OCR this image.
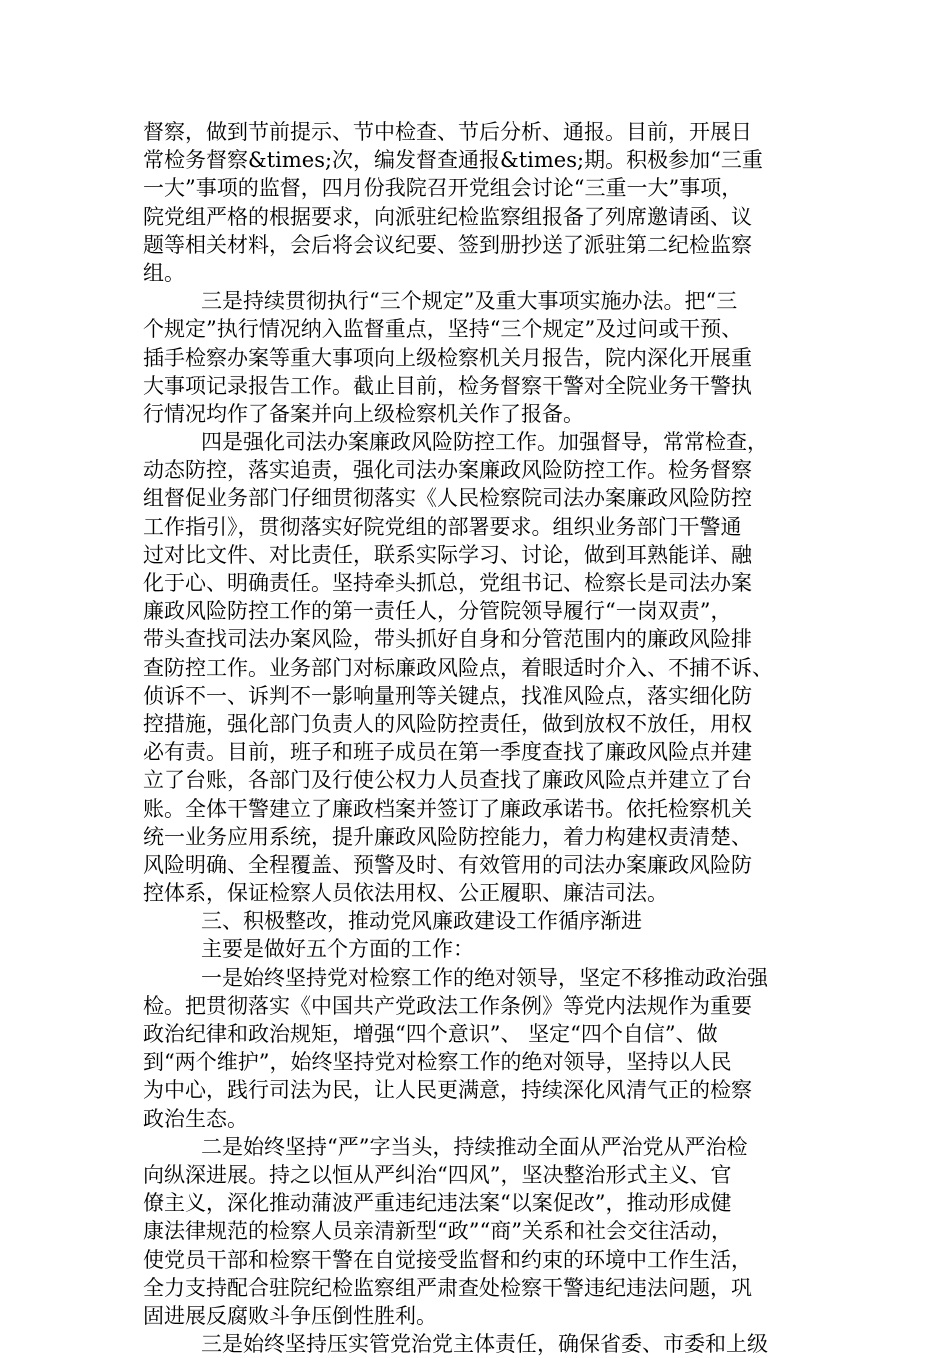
督察，做到节前提示、节中检查、节后分析、通报。目前，开展日
常检务督察&times;次，编发督查通报&times;期。积极参加“三重
一大”事项的监督，四月份我院召开党组会讨论“三重一大”事项，
院党组严格的根据要求，向派驻纪检监察组报备了列席邀请函、议
题等相关材料，会后将会议纪要、签到册抄送了派驻第二纪检监察
组。
三是持续贯彻执行“三个规定”及重大事项实施办法。把“三
个规定”执行情况纳入监督重点，坚持“三个规定”及过问或干预、
插手检察办案等重大事项向上级检察机关月报告，院内深化开展重
大事项记录报告工作。截止目前，检务督察干警对全院业务干警执
行情况均作了备案并向上级检察机关作了报备。
四是强化司法办案廉政风险防控工作。加强督导，常常检查，
动态防控，落实追责，强化司法办案廉政风险防控工作。检务督察
组督促业务部门仔细贯彻落实《人民检察院司法办案廉政风险防控
工作指引》，贯彻落实好院党组的部署要求。组织业务部门干警通
过对比文件、对比责任，联系实际学习、讨论，做到耳熟能详、融
化于心、明确责任。坚持牵头抓总，党组书记、检察长是司法办案
廉政风险防控工作的第一责任人，分管院领导履行“一岗双责”，
带头查找司法办案风险，带头抓好自身和分管范围内的廉政风险排
查防控工作。业务部门对标廉政风险点，着眼适时介入、不捕不诉、
侦诉不一、诉判不一影响量刑等关键点，找准风险点，落实细化防
控措施，强化部门负责人的风险防控责任，做到放权不放任，用权
必有责。目前，班子和班子成员在第一季度查找了廉政风险点并建
立了台账，各部门及行使公权力人员查找了廉政风险点并建立了台
账。全体干警建立了廉政档案并签订了廉政承诺书。依托检察机关
统一业务应用系统，提升廉政风险防控能力，着力构建权责清楚、
风险明确、全程覆盖、预警及时、有效管用的司法办案廉政风险防
控体系，保证检察人员依法用权、公正履职、廉洁司法。
三、积极整改，推动党风廉政建设工作循序渐进
主要是做好五个方面的工作：
一是始终坚持党对检察工作的绝对领导，坚定不移推动政治强
检。把贯彻落实《中国共产党政法工作条例》等党内法规作为重要
政治纪律和政治规矩，增强“四个意识”、 坚定“四个自信”、做
到“两个维护”，始终坚持党对检察工作的绝对领导，坚持以人民
为中心，践行司法为民，让人民更满意，持续深化风清气正的检察
政治生态。
二是始终坚持“严”字当头，持续推动全面从严治党从严治检
向纵深进展。持之以恒从严纠治“四风”，坚决整治形式主义、官
僚主义，深化推动蒲波严重违纪违法案“以案促改”，推动形成健
康法律规范的检察人员亲清新型“政”“商”关系和社会交往活动，
使党员干部和检察干警在自觉接受监督和约束的环境中工作生活，
全力支持配合驻院纪检监察组严肃查处检察干警违纪违法问题，巩
固进展反腐败斗争压倒性胜利。
三是始终坚持压实管党治党主体责任，确保省委、市委和上级
